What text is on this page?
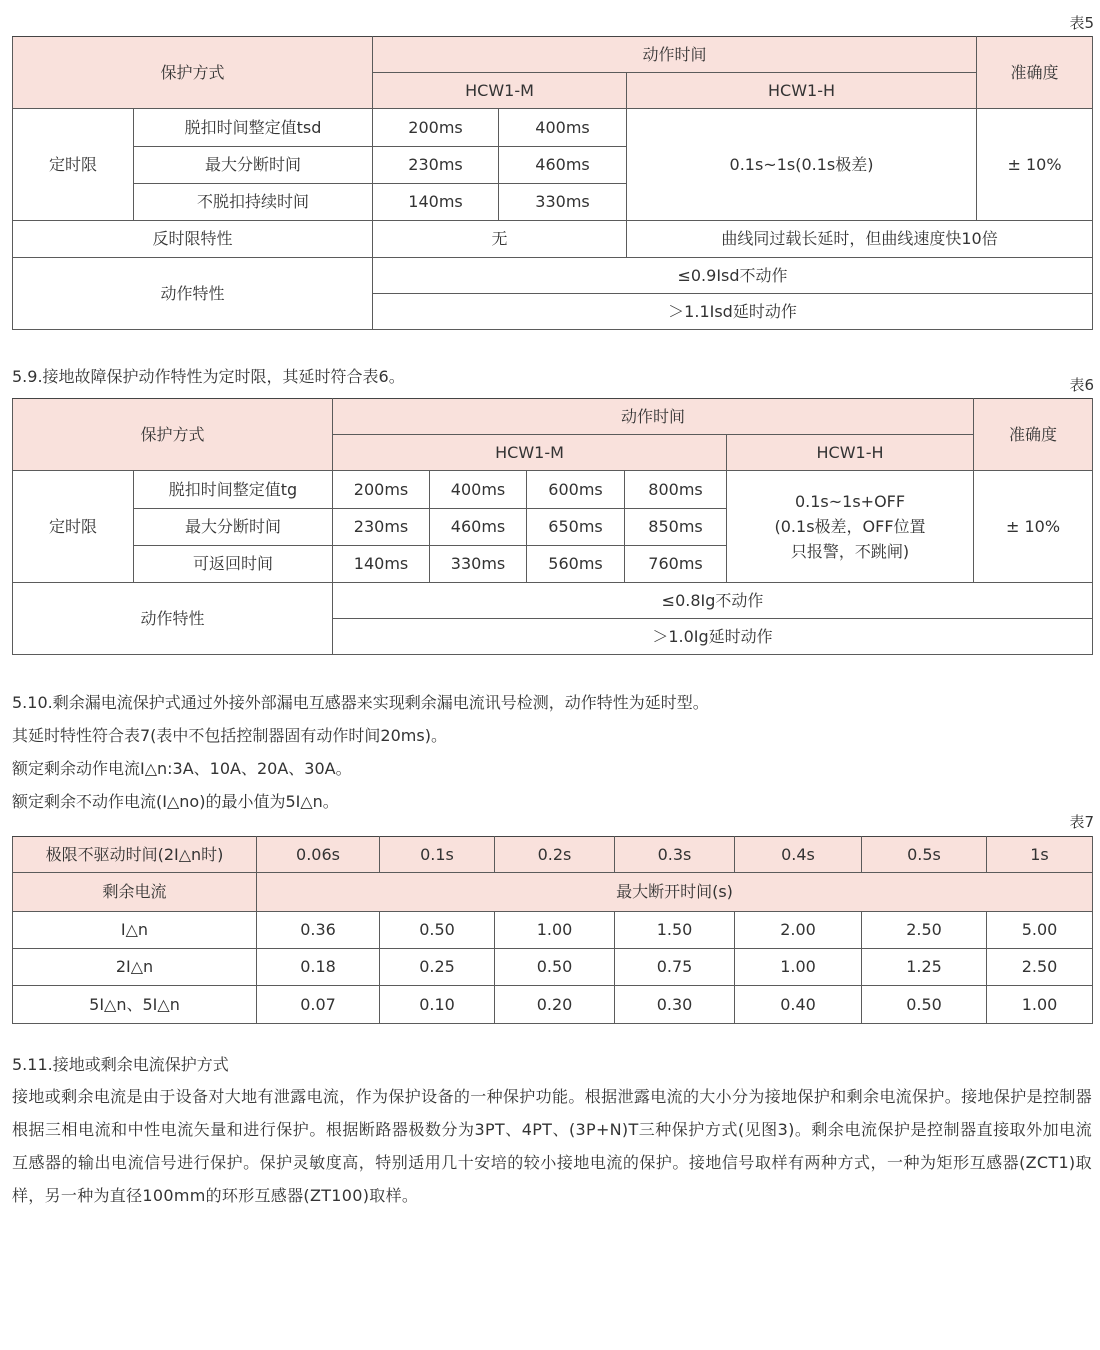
表5
保护方式		动作时间			准确度
		HCW1-M		HCW1-H	
定时限	脱扣时间整定值tsd	200ms	400ms	0.1s~1s(0.1s极差)	± 10%
	最大分断时间	230ms	460ms		
	不脱扣持续时间	140ms	330ms		
反时限特性		无		曲线同过载长延时，但曲线速度快10倍	
动作特性		≤0.9Isd不动作			
		＞1.1Isd延时动作			
5.9.接地故障保护动作特性为定时限，其延时符合表6。	表6
保护方式		动作时间					准确度
		HCW1-M				HCW1-H	
定时限	脱扣时间整定值tg	200ms	400ms	600ms	800ms	0.1s~1s+OFF
(0.1s极差，OFF位置
只报警，不跳闸)	± 10%
	最大分断时间	230ms	460ms	650ms	850ms		
	可返回时间	140ms	330ms	560ms	760ms		
动作特性		≤0.8Ig不动作					
		＞1.0Ig延时动作					
5.10.剩余漏电流保护式通过外接外部漏电互感器来实现剩余漏电流讯号检测，动作特性为延时型。
其延时特性符合表7(表中不包括控制器固有动作时间20ms)。
额定剩余动作电流I△n:3A、10A、20A、30A。
额定剩余不动作电流(I△no)的最小值为5I△n。
表7
极限不驱动时间(2I△n时)	0.06s	0.1s	0.2s	0.3s	0.4s	0.5s	1s
剩余电流	最大断开时间(s)						
I△n	0.36	0.50	1.00	1.50	2.00	2.50	5.00
2I△n	0.18	0.25	0.50	0.75	1.00	1.25	2.50
5I△n、5I△n	0.07	0.10	0.20	0.30	0.40	0.50	1.00
5.11.接地或剩余电流保护方式
接地或剩余电流是由于设备对大地有泄露电流，作为保护设备的一种保护功能。根据泄露电流的大小分为接地保护和剩余电流保护。接地保护是控制器根据三相电流和中性电流矢量和进行保护。根据断路器极数分为3PT、4PT、(3P+N)T三种保护方式(见图3)。剩余电流保护是控制器直接取外加电流互感器的输出电流信号进行保护。保护灵敏度高，特别适用几十安培的较小接地电流的保护。接地信号取样有两种方式，一种为矩形互感器(ZCT1)取样，另一种为直径100mm的环形互感器(ZT100)取样。
